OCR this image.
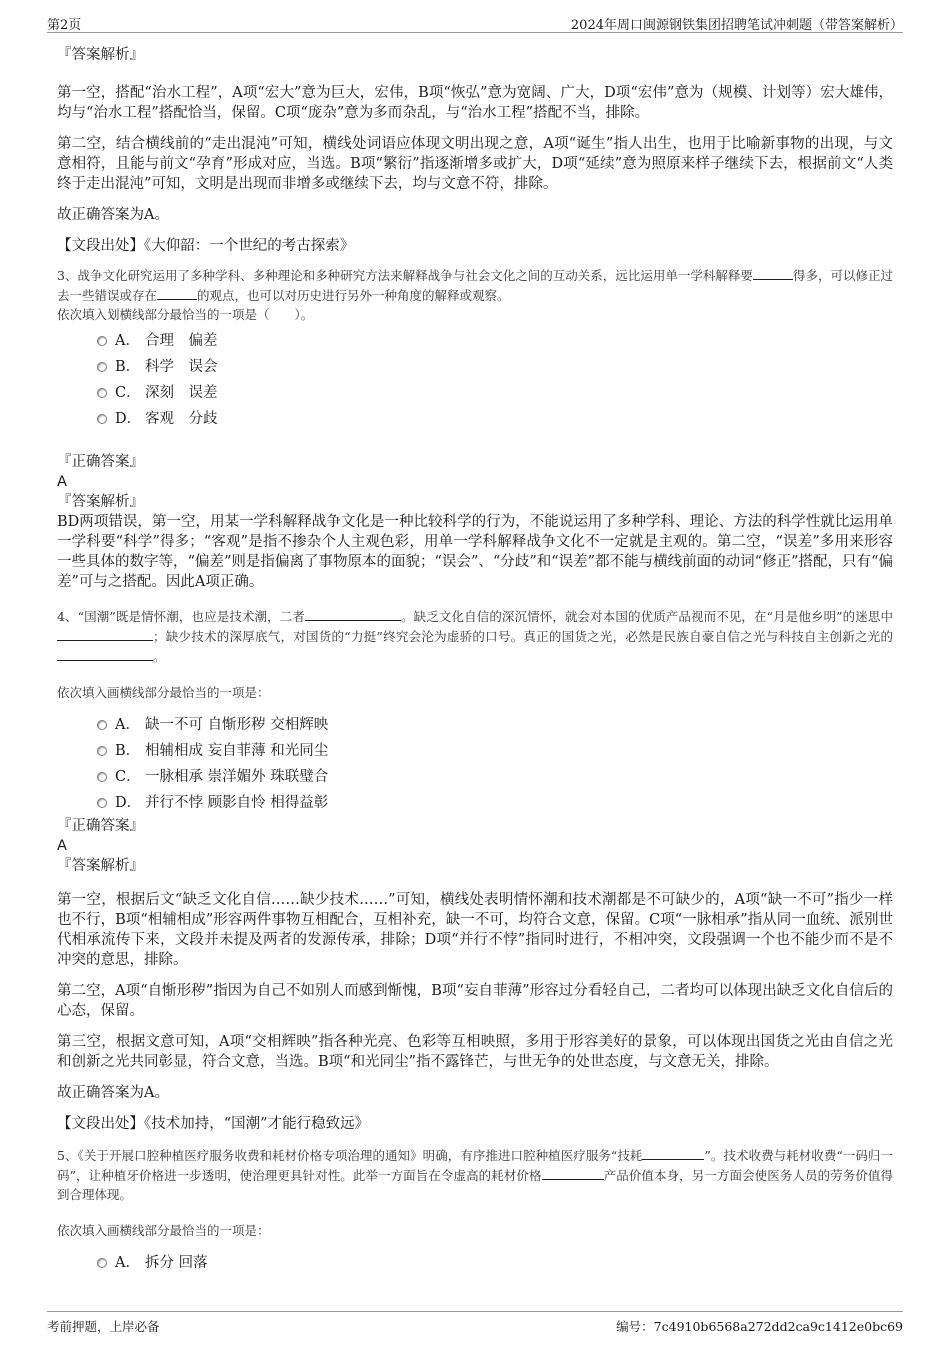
第2页	2024年周口闽源钢铁集团招聘笔试冲刺题（带答案解析）

『答案解析』

第一空，搭配“治水工程”，A项“宏大”意为巨大，宏伟，B项“恢弘”意为宽阔、广大，D项“宏伟”意为（规模、计划等）宏大雄伟，均与“治水工程”搭配恰当，保留。C项“庞杂”意为多而杂乱，与“治水工程”搭配不当，排除。

第二空，结合横线前的“走出混沌”可知，横线处词语应体现文明出现之意，A项“诞生”指人出生，也用于比喻新事物的出现，与文意相符，且能与前文“孕育”形成对应，当选。B项“繁衍”指逐渐增多或扩大，D项“延续”意为照原来样子继续下去，根据前文“人类终于走出混沌”可知，文明是出现而非增多或继续下去，均与文意不符，排除。

故正确答案为A。

【文段出处】《大仰韶：一个世纪的考古探索》

3、战争文化研究运用了多种学科、多种理论和多种研究方法来解释战争与社会文化之间的互动关系，远比运用单一学科解释要	得多，可以修正过去一些错误或存在	的观点，也可以对历史进行另外一种角度的解释或观察。

依次填入划横线部分最恰当的一项是（　　）。

A． 合理　偏差
B． 科学　误会
C． 深刻　误差
D． 客观　分歧

『正确答案』

A

『答案解析』

BD两项错误，第一空，用某一学科解释战争文化是一种比较科学的行为，不能说运用了多种学科、理论、方法的科学性就比运用单一学科要“科学”得多；“客观”是指不掺杂个人主观色彩，用单一学科解释战争文化不一定就是主观的。第二空，“误差”多用来形容一些具体的数字等，“偏差”则是指偏离了事物原本的面貌；“误会”、“分歧”和“误差”都不能与横线前面的动词“修正”搭配，只有“偏差”可与之搭配。因此A项正确。

4、“国潮”既是情怀潮，也应是技术潮，二者	。缺乏文化自信的深沉情怀，就会对本国的优质产品视而不见，在“月是他乡明”的迷思中；缺少技术的深厚底气，对国货的“力挺”终究会沦为虚骄的口号。真正的国货之光，必然是民族自豪自信之光与科技自主创新之光的。

依次填入画横线部分最恰当的一项是：

A． 缺一不可 自惭形秽 交相辉映
B． 相辅相成 妄自菲薄 和光同尘
C． 一脉相承 崇洋媚外 珠联璧合
D． 并行不悖 顾影自怜 相得益彰

『正确答案』

A

『答案解析』

第一空，根据后文“缺乏文化自信……缺少技术……”可知，横线处表明情怀潮和技术潮都是不可缺少的，A项“缺一不可”指少一样也不行，B项“相辅相成”形容两件事物互相配合，互相补充，缺一不可，均符合文意，保留。C项“一脉相承”指从同一血统、派别世代相承流传下来，文段并未提及两者的发源传承，排除；D项“并行不悖”指同时进行，不相冲突，文段强调一个也不能少而不是不冲突的意思，排除。

第二空，A项“自惭形秽”指因为自己不如别人而感到惭愧，B项“妄自菲薄”形容过分看轻自己，二者均可以体现出缺乏文化自信后的心态，保留。

第三空，根据文意可知，A项“交相辉映”指各种光亮、色彩等互相映照，多用于形容美好的景象，可以体现出国货之光由自信之光和创新之光共同彰显，符合文意，当选。B项“和光同尘”指不露锋芒，与世无争的处世态度，与文意无关，排除。

故正确答案为A。

【文段出处】《技术加持，“国潮”才能行稳致远》

5、《关于开展口腔种植医疗服务收费和耗材价格专项治理的通知》明确，有序推进口腔种植医疗服务“技耗	”。技术收费与耗材收费“一码归一码”，让种植牙价格进一步透明，使治理更具针对性。此举一方面旨在令虚高的耗材价格	产品价值本身，另一方面会使医务人员的劳务价值得到合理体现。

依次填入画横线部分最恰当的一项是：

A． 拆分 回落
考前押题，上岸必备	编号：7c4910b6568a272dd2ca9c1412e0bc69
